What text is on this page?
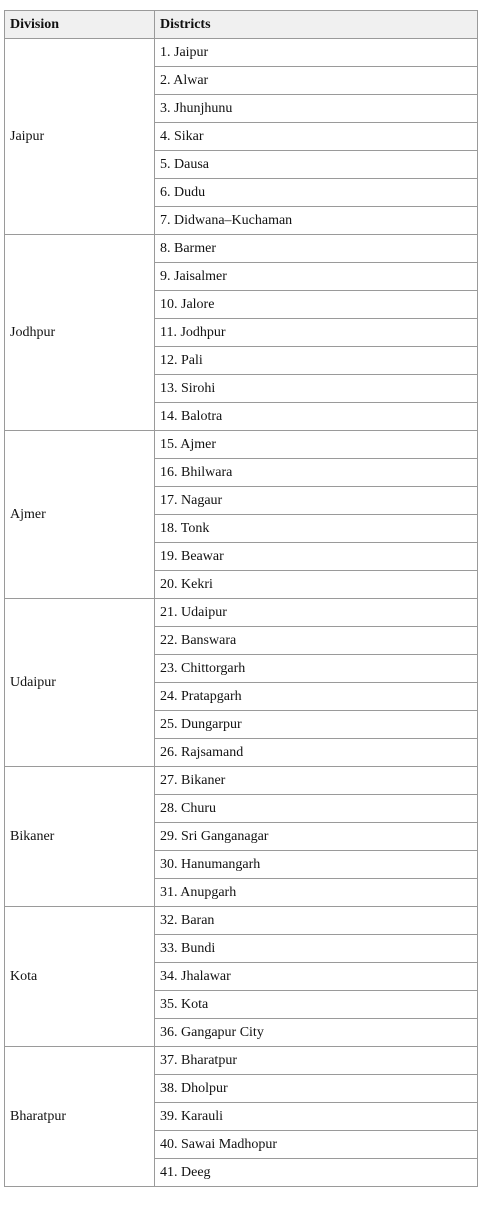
Division	Districts
Jaipur	1. Jaipur
	2. Alwar
	3. Jhunjhunu
	4. Sikar
	5. Dausa
	6. Dudu
	7. Didwana–Kuchaman
Jodhpur	8. Barmer
	9. Jaisalmer
	10. Jalore
	11. Jodhpur
	12. Pali
	13. Sirohi
	14. Balotra
Ajmer	15. Ajmer
	16. Bhilwara
	17. Nagaur
	18. Tonk
	19. Beawar
	20. Kekri
Udaipur	21. Udaipur
	22. Banswara
	23. Chittorgarh
	24. Pratapgarh
	25. Dungarpur
	26. Rajsamand
Bikaner	27. Bikaner
	28. Churu
	29. Sri Ganganagar
	30. Hanumangarh
	31. Anupgarh
Kota	32. Baran
	33. Bundi
	34. Jhalawar
	35. Kota
	36. Gangapur City
Bharatpur	37. Bharatpur
	38. Dholpur
	39. Karauli
	40. Sawai Madhopur
	41. Deeg
